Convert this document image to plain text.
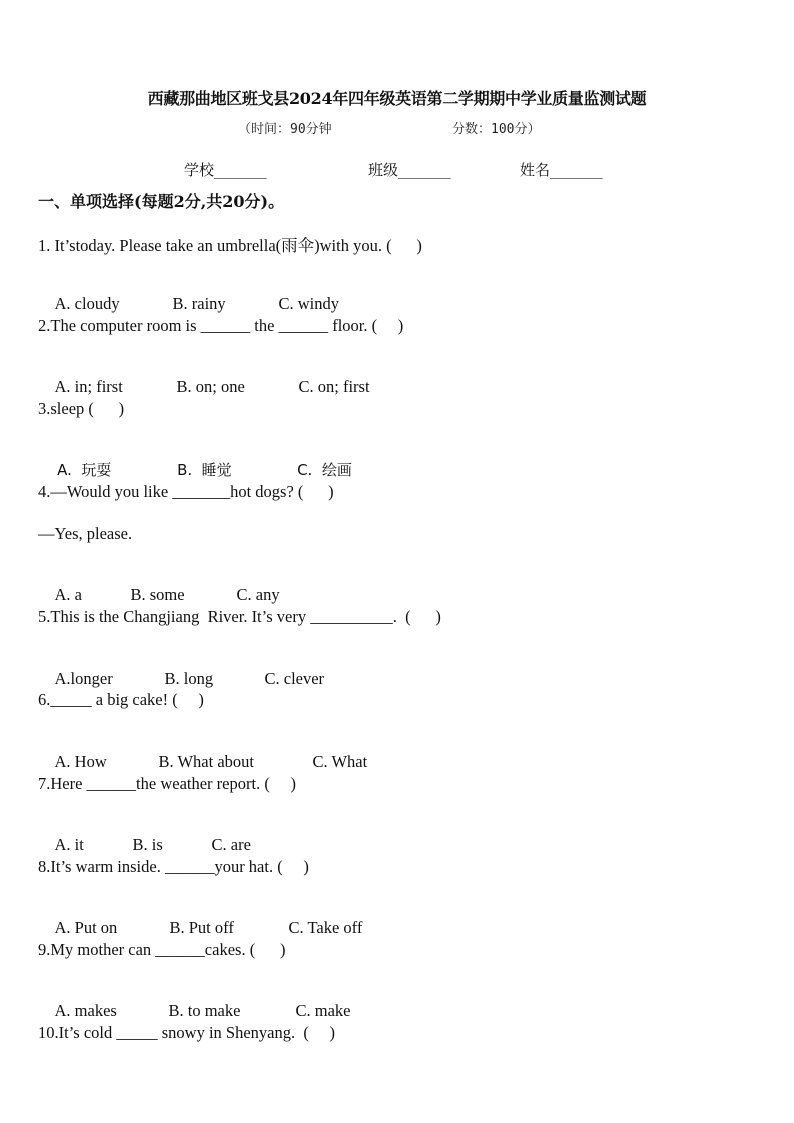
西藏那曲地区班戈县2024年四年级英语第二学期期中学业质量监测试题
（时间：90分钟	分数：100分）
学校_______	班级_______	姓名_______
一、单项选择(每题2分,共20分)。
1. It’stoday. Please take an umbrella(雨伞)with you. (      )

A. cloudy	B. rainy	C. windy

2.The computer room is ______ the ______ floor. (     )

A. in; first	B. on; one	C. on; first

3.sleep (      )

A.  玩耍	B.  睡觉	C.  绘画

4.—Would you like _______hot dogs? (      )
—Yes, please.

A. a	B. some	C. any

5.This is the Changjiang  River. It’s very __________.  (      )

A.longer	B. long	C. clever

6._____ a big cake! (     )

A. How	B. What about	C. What

7.Here ______the weather report. (     )

A. it	B. is	C. are

8.It’s warm inside. ______your hat. (     )

A. Put on	B. Put off	C. Take off

9.My mother can ______cakes. (      )

A. makes	B. to make	C. make

10.It’s cold _____ snowy in Shenyang.  (     )
